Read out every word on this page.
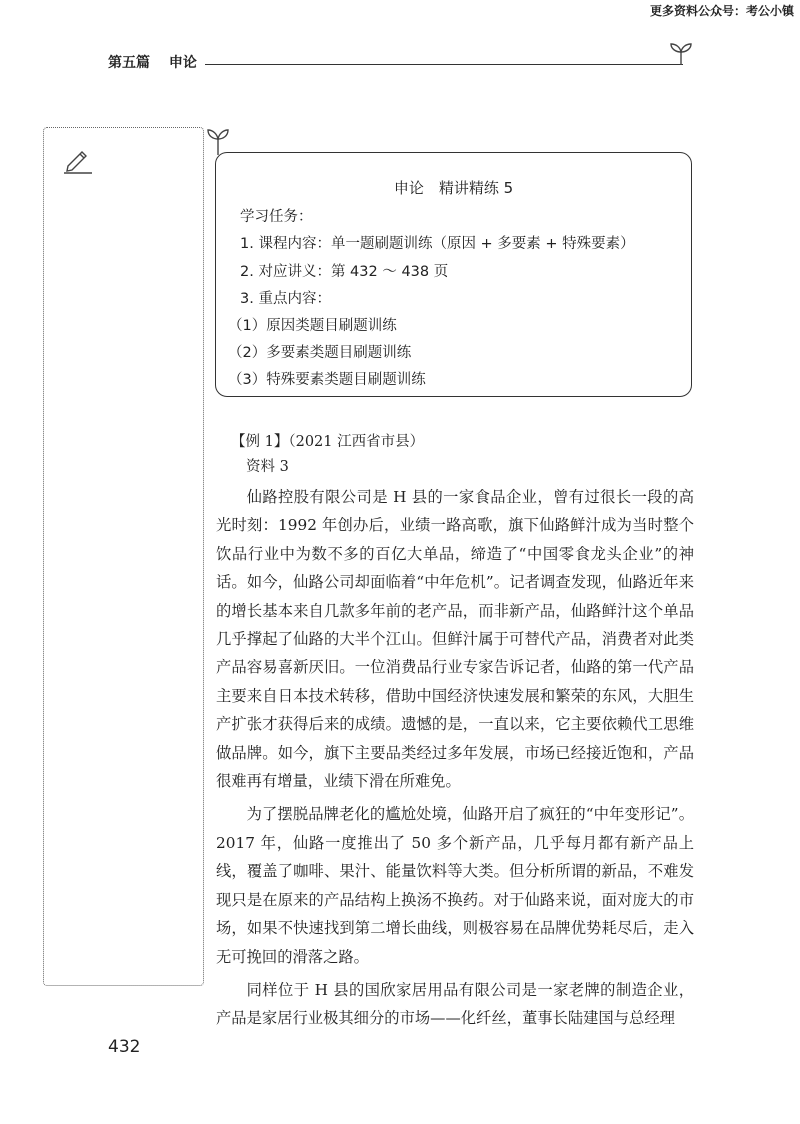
更多资料公众号：考公小镇
第五篇 申论
申论　精讲精练 5
学习任务：
1. 课程内容：单一题刷题训练（原因 + 多要素 + 特殊要素）
2. 对应讲义：第 432 ～ 438 页
3. 重点内容：
（1）原因类题目刷题训练
（2）多要素类题目刷题训练
（3）特殊要素类题目刷题训练
【例 1】（2021 江西省市县）
资料 3

仙路控股有限公司是 H 县的一家食品企业，曾有过很长一段的高光时刻：1992 年创办后，业绩一路高歌，旗下仙路鲜汁成为当时整个饮品行业中为数不多的百亿大单品，缔造了“中国零食龙头企业”的神话。如今，仙路公司却面临着“中年危机”。记者调查发现，仙路近年来的增长基本来自几款多年前的老产品，而非新产品，仙路鲜汁这个单品几乎撑起了仙路的大半个江山。但鲜汁属于可替代产品，消费者对此类产品容易喜新厌旧。一位消费品行业专家告诉记者，仙路的第一代产品主要来自日本技术转移，借助中国经济快速发展和繁荣的东风，大胆生产扩张才获得后来的成绩。遗憾的是，一直以来，它主要依赖代工思维做品牌。如今，旗下主要品类经过多年发展，市场已经接近饱和，产品很难再有增量，业绩下滑在所难免。

为了摆脱品牌老化的尴尬处境，仙路开启了疯狂的“中年变形记”。2017 年，仙路一度推出了 50 多个新产品，几乎每月都有新产品上线，覆盖了咖啡、果汁、能量饮料等大类。但分析所谓的新品，不难发现只是在原来的产品结构上换汤不换药。对于仙路来说，面对庞大的市场，如果不快速找到第二增长曲线，则极容易在品牌优势耗尽后，走入无可挽回的滑落之路。

同样位于 H 县的国欣家居用品有限公司是一家老牌的制造企业，产品是家居行业极其细分的市场——化纤丝，董事长陆建国与总经理

432
